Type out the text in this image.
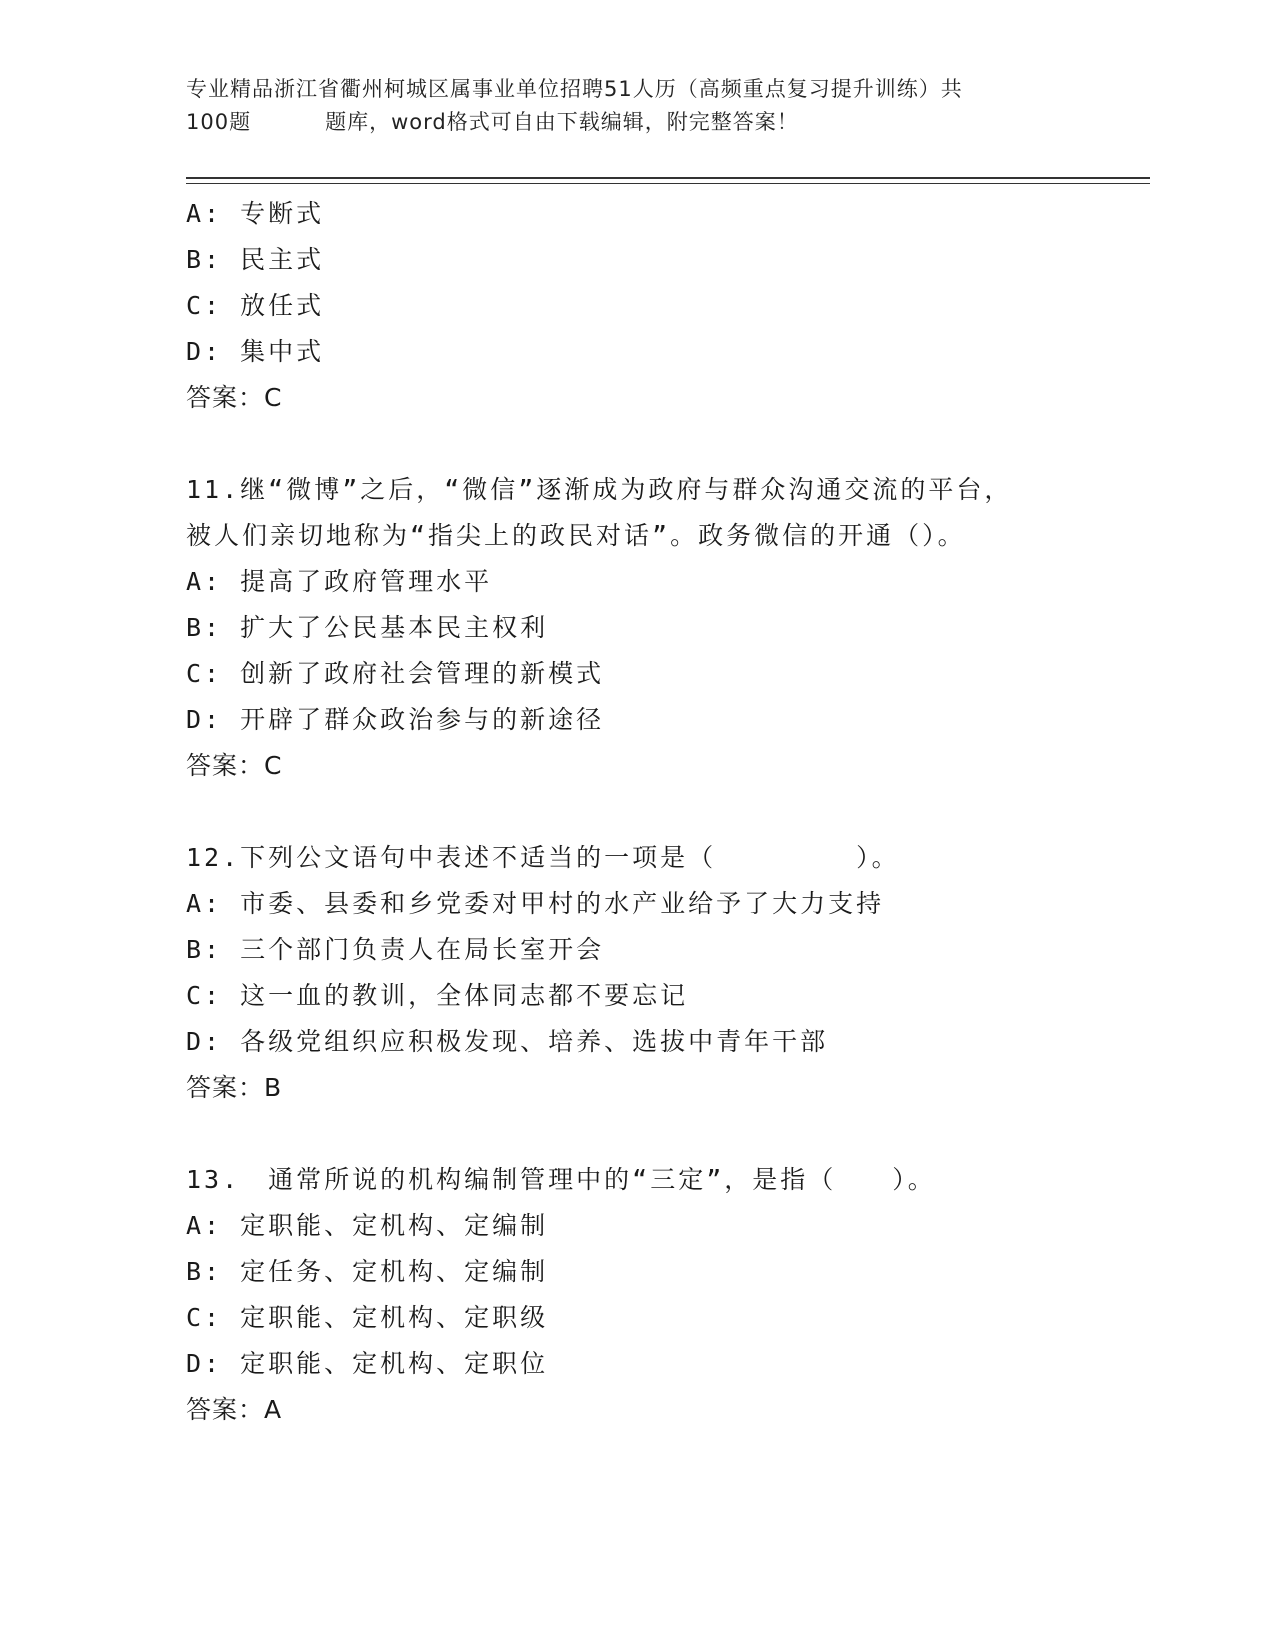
专业精品浙江省衢州柯城区属事业单位招聘51人历（高频重点复习提升训练）共
100题	题库，word格式可自由下载编辑，附完整答案！
A: 专断式
B: 民主式
C: 放任式
D: 集中式
答案：C
11.继“微博”之后，“微信”逐渐成为政府与群众沟通交流的平台，
被人们亲切地称为“指尖上的政民对话”。政务微信的开通（）。
A: 提高了政府管理水平
B: 扩大了公民基本民主权利
C: 创新了政府社会管理的新模式
D: 开辟了群众政治参与的新途径
答案：C
12.下列公文语句中表述不适当的一项是（　　　　　）。
A: 市委、县委和乡党委对甲村的水产业给予了大力支持
B: 三个部门负责人在局长室开会
C: 这一血的教训，全体同志都不要忘记
D: 各级党组织应积极发现、培养、选拔中青年干部
答案：B
13.　通常所说的机构编制管理中的“三定”，是指（　　）。
A: 定职能、定机构、定编制
B: 定任务、定机构、定编制
C: 定职能、定机构、定职级
D: 定职能、定机构、定职位
答案：A
